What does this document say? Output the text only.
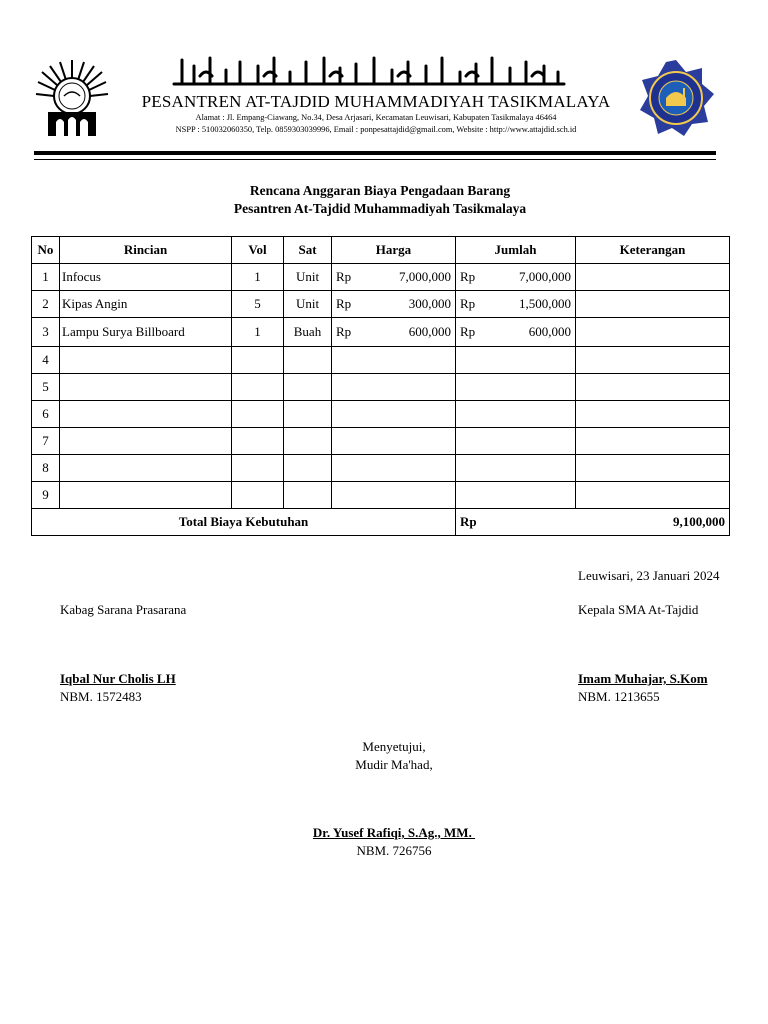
PESANTREN AT-TAJDID MUHAMMADIYAH TASIKMALAYA
Alamat : Jl. Empang-Ciawang, No.34, Desa Arjasari, Kecamatan Leuwisari, Kabupaten Tasikmalaya 46464
NSPP : 510032060350, Telp. 0859303039996, Email : ponpesattajdid@gmail.com, Website : http://www.attajdid.sch.id
Rencana Anggaran Biaya Pengadaan Barang
Pesantren At-Tajdid Muhammadiyah Tasikmalaya
No	Rincian	Vol	Sat	Harga	Jumlah	Keterangan
1	Infocus	1	Unit	Rp 7,000,000	Rp 7,000,000	

2	Kipas Angin	5	Unit	Rp 300,000	Rp 1,500,000	

3	Lampu Surya Billboard	1	Buah	Rp 600,000	Rp 600,000	

4				

5				

6				

7				

8				

9				

Total Biaya Kebutuhan					Rp 9,100,000	
Leuwisari, 23 Januari 2024
Kabag Sarana Prasarana	Kepala SMA At-Tajdid
Iqbal Nur Cholis LH
NBM. 1572483
Imam Muhajar, S.Kom
NBM. 1213655
Menyetujui,
Mudir Ma'had,
Dr. Yusef Rafiqi, S.Ag., MM.
NBM. 726756
